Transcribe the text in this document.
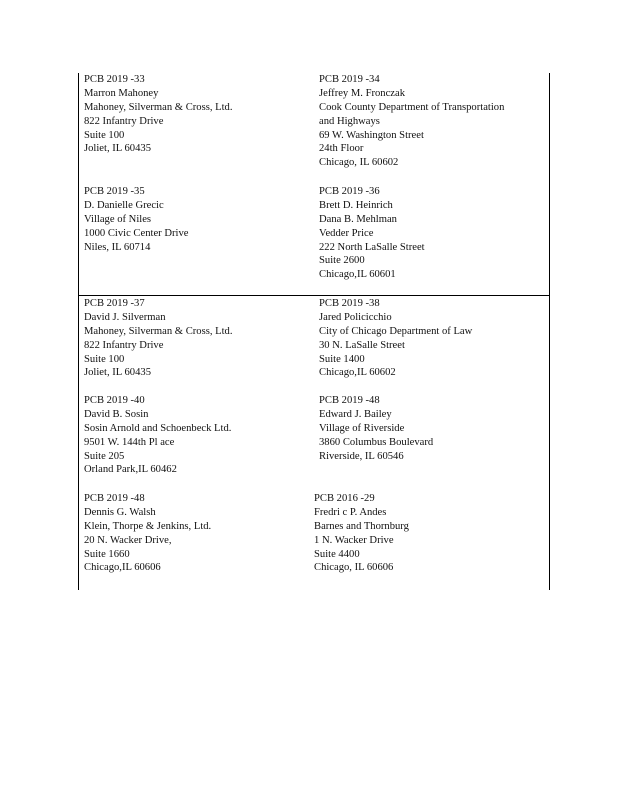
PCB 2019 -33
Marron Mahoney
Mahoney, Silverman & Cross, Ltd.
822 Infantry Drive
Suite 100
Joliet, IL 60435
PCB 2019 -34
Jeffrey M. Fronczak
Cook County Department of Transportation
and Highways
69 W. Washington Street
24th Floor
Chicago, IL 60602
PCB 2019 -35
D. Danielle Grecic
Village of Niles
1000 Civic Center Drive
Niles, IL 60714
PCB 2019 -36
Brett D. Heinrich
Dana B. Mehlman
Vedder Price
222 North LaSalle Street
Suite 2600
Chicago,IL 60601
PCB 2019 -37
David J. Silverman
Mahoney, Silverman & Cross, Ltd.
822 Infantry Drive
Suite 100
Joliet, IL 60435
PCB 2019 -38
Jared Policicchio
City of Chicago Department of Law
30 N. LaSalle Street
Suite 1400
Chicago,IL 60602
PCB 2019 -40
David B. Sosin
Sosin Arnold and Schoenbeck Ltd.
9501 W. 144th Pl ace
Suite 205
Orland Park,IL 60462
PCB 2019 -48
Edward J. Bailey
Village of Riverside
3860 Columbus Boulevard
Riverside, IL 60546
PCB 2019 -48
Dennis G. Walsh
Klein, Thorpe & Jenkins, Ltd.
20 N. Wacker Drive,
Suite 1660
Chicago,IL 60606
PCB 2016 -29
Fredri c P. Andes
Barnes and Thornburg
1 N. Wacker Drive
Suite 4400
Chicago, IL 60606
